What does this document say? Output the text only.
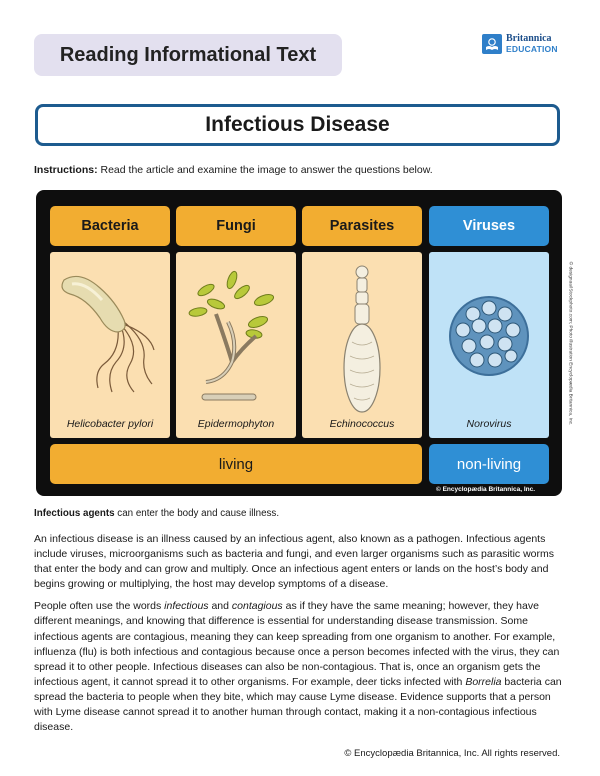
Reading Informational Text
Britannica
EDUCATION
Infectious Disease
Instructions: Read the article and examine the image to answer the questions below.
© designua/iStockphoto.com; Photo illustration Encyclopædia Britannica, Inc.
Bacteria	Fungi	Parasites	Viruses
Helicobacter pylori	Epidermophyton	Echinococcus	Norovirus
living	non-living
© Encyclopædia Britannica, Inc.
Infectious agents can enter the body and cause illness.

An infectious disease is an illness caused by an infectious agent, also known as a pathogen. Infectious agents include viruses, microorganisms such as bacteria and fungi, and even larger organisms such as parasitic worms that enter the body and can grow and multiply. Once an infectious agent enters or lands on the host’s body and begins growing or multiplying, the host may develop symptoms of a disease.

People often use the words infectious and contagious as if they have the same meaning; however, they have different meanings, and knowing that difference is essential for understanding disease transmission. Some infectious agents are contagious, meaning they can keep spreading from one organism to another. For example, influenza (flu) is both infectious and contagious because once a person becomes infected with the virus, they can spread it to other people. Infectious diseases can also be non-contagious. That is, once an organism gets the infectious agent, it cannot spread it to other organisms. For example, deer ticks infected with Borrelia bacteria can spread the bacteria to people when they bite, which may cause Lyme disease. Evidence supports that a person with Lyme disease cannot spread it to another human through contact, making it a non-contagious infectious disease.

© Encyclopædia Britannica, Inc. All rights reserved.
